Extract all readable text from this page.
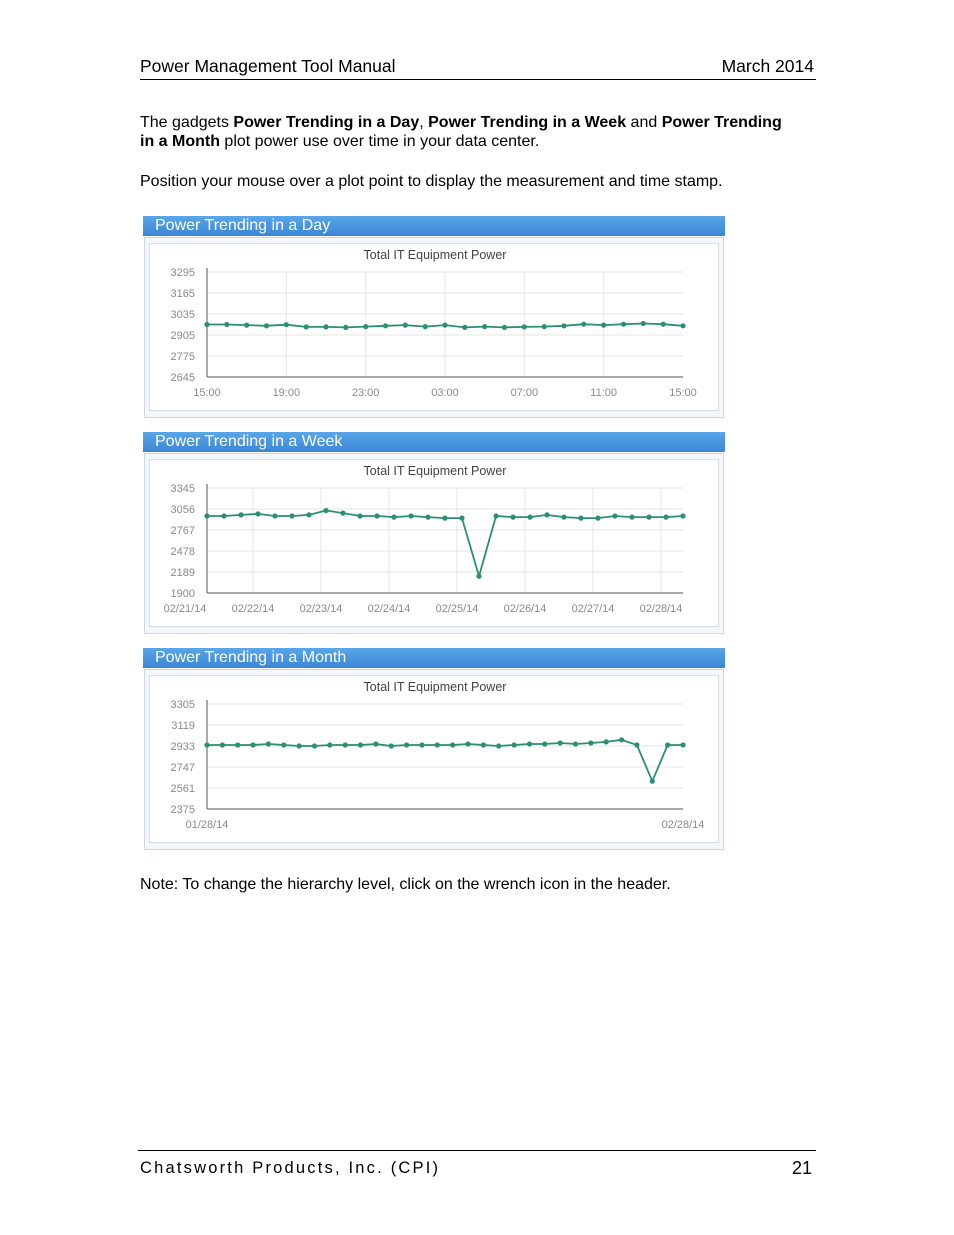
Power Management Tool Manual	March 2014
The gadgets Power Trending in a Day, Power Trending in a Week and Power Trending in a Month plot power use over time in your data center.
Position your mouse over a plot point to display the measurement and time stamp.
Power Trending in a Day
Total IT Equipment Power
3295
3165
3035
2905
2775
2645
15:00	19:00	23:00	03:00	07:00	11:00	15:00
Power Trending in a Week
Total IT Equipment Power
3345
3056
2767
2478
2189
1900
02/21/14 02/22/14 02/23/14 02/24/14 02/25/14 02/26/14 02/27/14 02/28/14
Power Trending in a Month
Total IT Equipment Power
3305
3119
2933
2747
2561
2375
01/28/14	02/28/14
Note: To change the hierarchy level, click on the wrench icon in the header.
Chatsworth Products, Inc. (CPI)	21
